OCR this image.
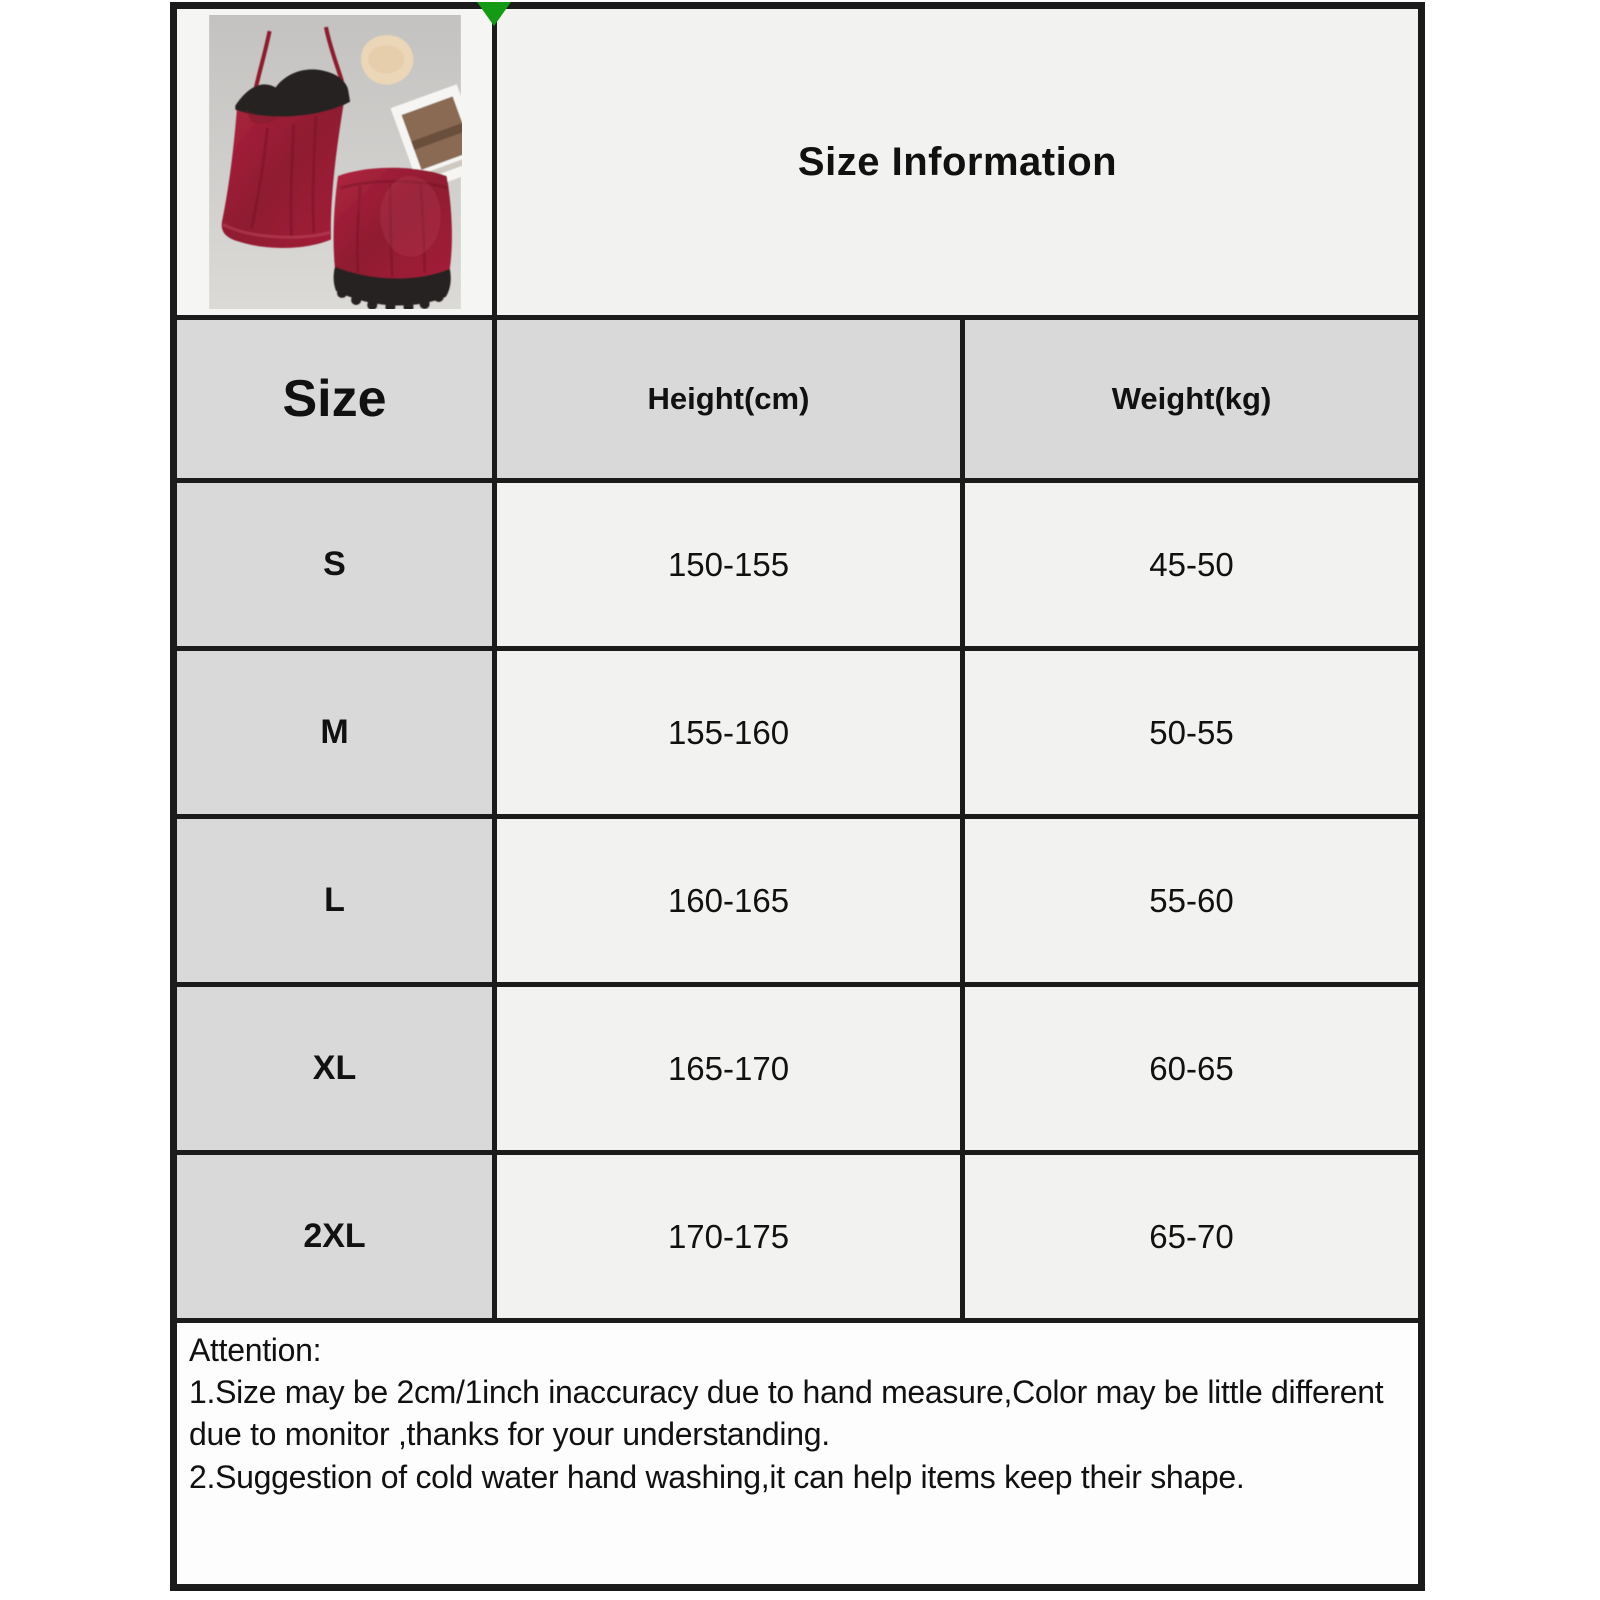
Size Information
Size	Height(cm)	Weight(kg)
S	150-155	45-50
M	155-160	50-55
L	160-165	55-60
XL	165-170	60-65
2XL	170-175	65-70
Attention:
1.Size may be 2cm/1inch inaccuracy due to hand measure,Color may be little different due to monitor ,thanks for your understanding.
2.Suggestion of cold water hand washing,it can help items keep their shape.
